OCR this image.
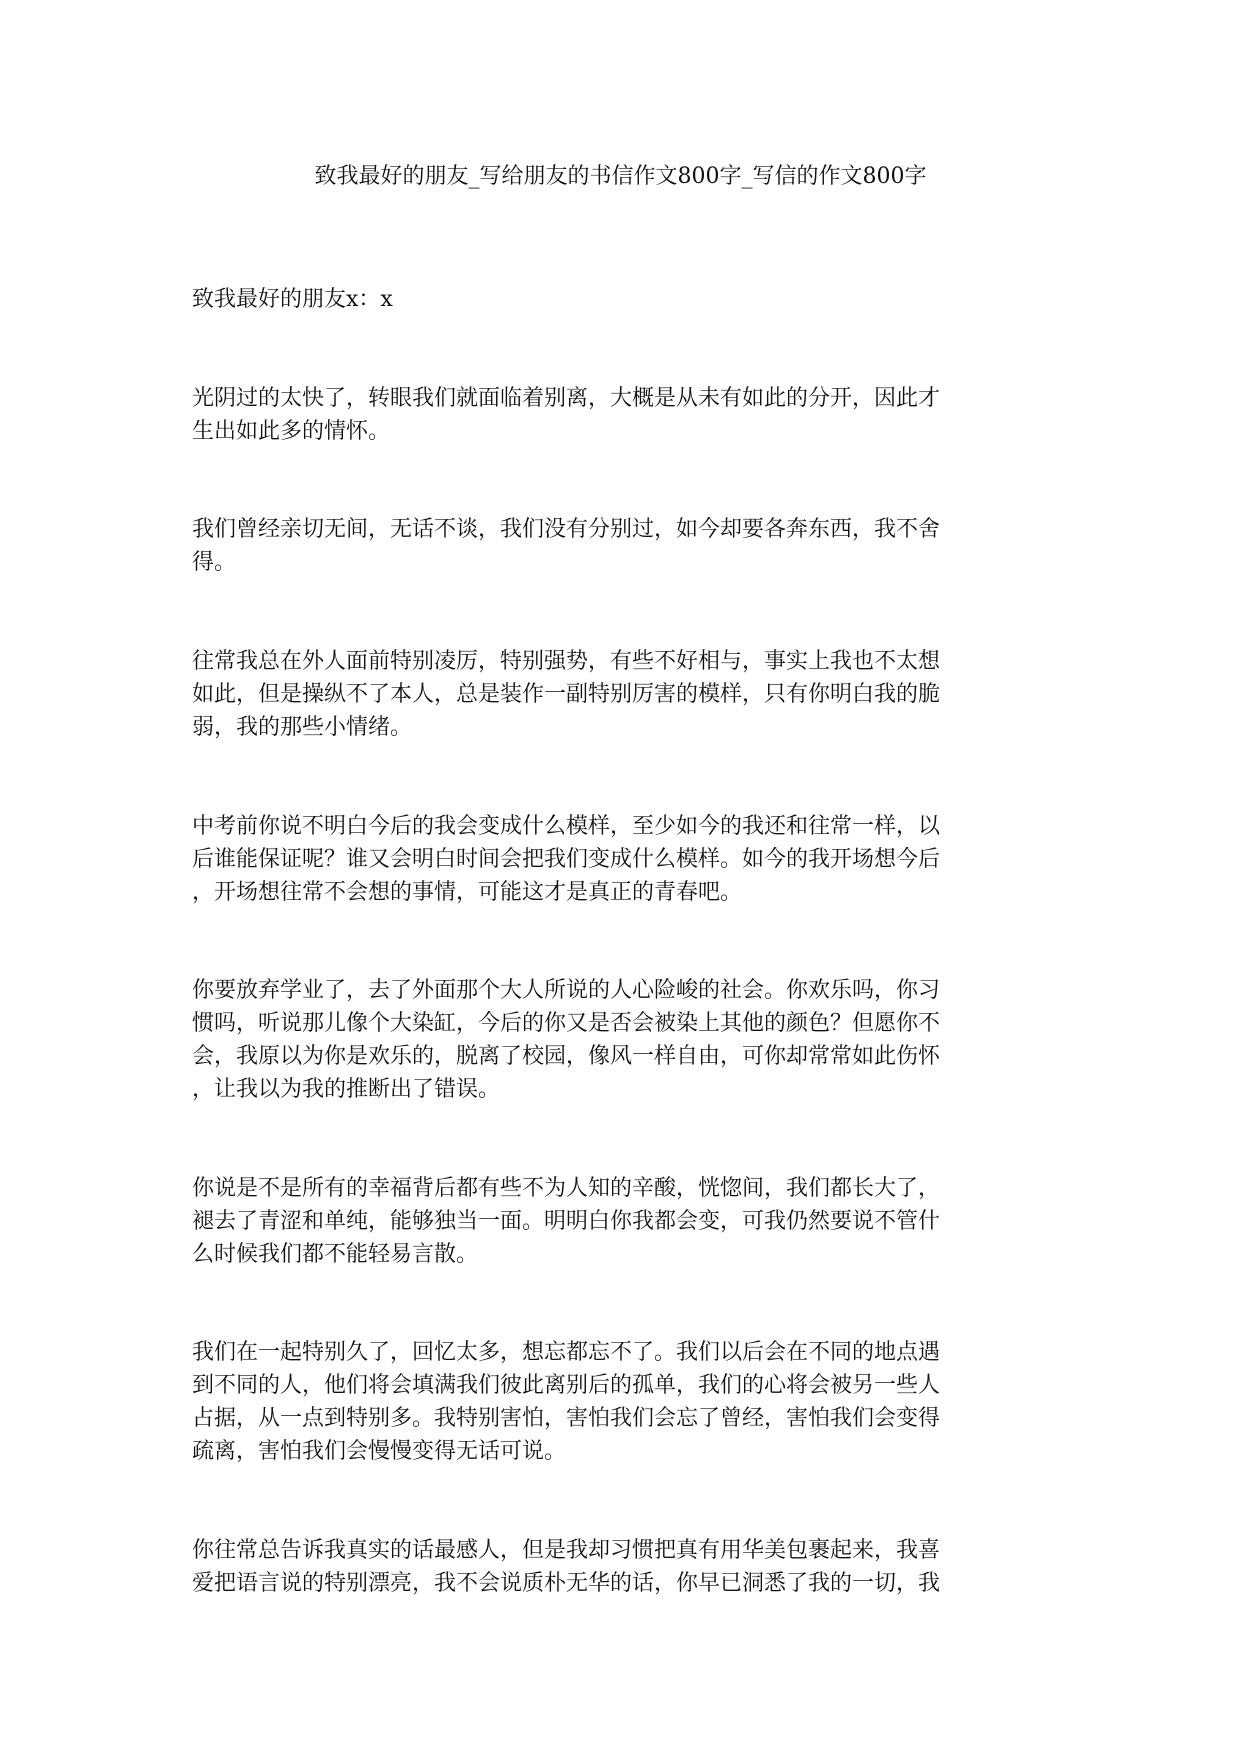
致我最好的朋友_写给朋友的书信作文800字_写信的作文800字

致我最好的朋友x：x

光阴过的太快了，转眼我们就面临着别离，大概是从未有如此的分开，因此才
生出如此多的情怀。

我们曾经亲切无间，无话不谈，我们没有分别过，如今却要各奔东西，我不舍
得。

往常我总在外人面前特别凌厉，特别强势，有些不好相与，事实上我也不太想
如此，但是操纵不了本人，总是装作一副特别厉害的模样，只有你明白我的脆
弱，我的那些小情绪。

中考前你说不明白今后的我会变成什么模样，至少如今的我还和往常一样，以
后谁能保证呢？谁又会明白时间会把我们变成什么模样。如今的我开场想今后
，开场想往常不会想的事情，可能这才是真正的青春吧。

你要放弃学业了，去了外面那个大人所说的人心险峻的社会。你欢乐吗，你习
惯吗，听说那儿像个大染缸，今后的你又是否会被染上其他的颜色？但愿你不
会，我原以为你是欢乐的，脱离了校园，像风一样自由，可你却常常如此伤怀
，让我以为我的推断出了错误。

你说是不是所有的幸福背后都有些不为人知的辛酸，恍惚间，我们都长大了，
褪去了青涩和单纯，能够独当一面。明明白你我都会变，可我仍然要说不管什
么时候我们都不能轻易言散。

我们在一起特别久了，回忆太多，想忘都忘不了。我们以后会在不同的地点遇
到不同的人，他们将会填满我们彼此离别后的孤单，我们的心将会被另一些人
占据，从一点到特别多。我特别害怕，害怕我们会忘了曾经，害怕我们会变得
疏离，害怕我们会慢慢变得无话可说。

你往常总告诉我真实的话最感人，但是我却习惯把真有用华美包裹起来，我喜
爱把语言说的特别漂亮，我不会说质朴无华的话，你早已洞悉了我的一切，我
